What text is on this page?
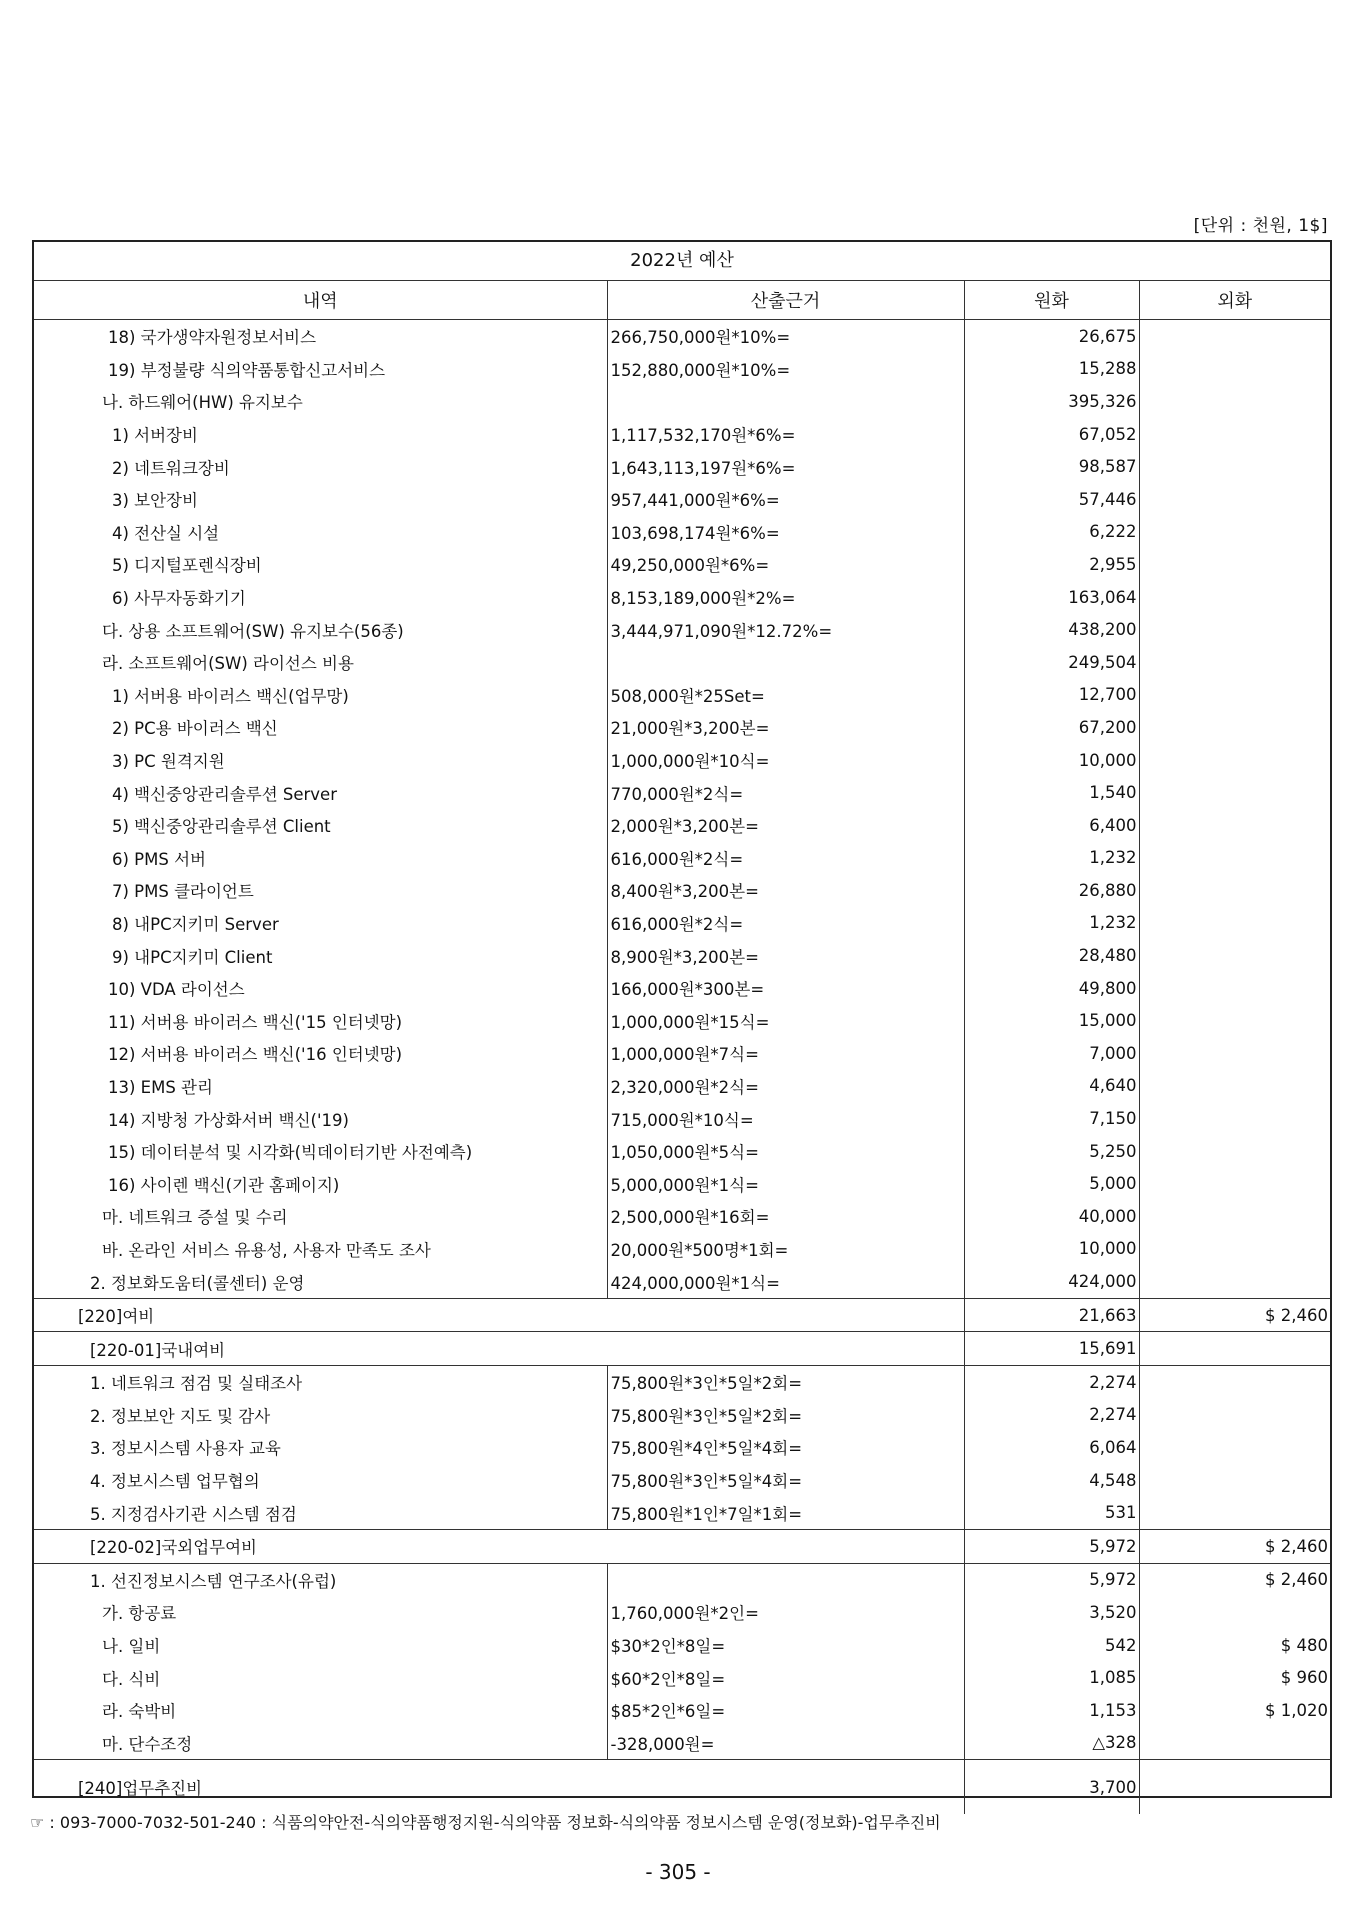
[단위 : 천원, 1$]
2022년 예산
내역	산출근거	원화	외화
18) 국가생약자원정보서비스	266,750,000원*10%=	26,675	
19) 부정불량 식의약품통합신고서비스	152,880,000원*10%=	15,288	
나. 하드웨어(HW) 유지보수		395,326	
1) 서버장비	1,117,532,170원*6%=	67,052	
2) 네트워크장비	1,643,113,197원*6%=	98,587	
3) 보안장비	957,441,000원*6%=	57,446	
4) 전산실 시설	103,698,174원*6%=	6,222	
5) 디지털포렌식장비	49,250,000원*6%=	2,955	
6) 사무자동화기기	8,153,189,000원*2%=	163,064	
다. 상용 소프트웨어(SW) 유지보수(56종)	3,444,971,090원*12.72%=	438,200	
라. 소프트웨어(SW) 라이선스 비용		249,504	
1) 서버용 바이러스 백신(업무망)	508,000원*25Set=	12,700	
2) PC용 바이러스 백신	21,000원*3,200본=	67,200	
3) PC 원격지원	1,000,000원*10식=	10,000	
4) 백신중앙관리솔루션 Server	770,000원*2식=	1,540	
5) 백신중앙관리솔루션 Client	2,000원*3,200본=	6,400	
6) PMS 서버	616,000원*2식=	1,232	
7) PMS 클라이언트	8,400원*3,200본=	26,880	
8) 내PC지키미 Server	616,000원*2식=	1,232	
9) 내PC지키미 Client	8,900원*3,200본=	28,480	
10) VDA 라이선스	166,000원*300본=	49,800	
11) 서버용 바이러스 백신('15 인터넷망)	1,000,000원*15식=	15,000	
12) 서버용 바이러스 백신('16 인터넷망)	1,000,000원*7식=	7,000	
13) EMS 관리	2,320,000원*2식=	4,640	
14) 지방청 가상화서버 백신('19)	715,000원*10식=	7,150	
15) 데이터분석 및 시각화(빅데이터기반 사전예측)	1,050,000원*5식=	5,250	
16) 사이렌 백신(기관 홈페이지)	5,000,000원*1식=	5,000	
마. 네트워크 증설 및 수리	2,500,000원*16회=	40,000	
바. 온라인 서비스 유용성, 사용자 만족도 조사	20,000원*500명*1회=	10,000	
2. 정보화도움터(콜센터) 운영	424,000,000원*1식=	424,000	
[220]여비		21,663	$ 2,460
[220-01]국내여비		15,691	
1. 네트워크 점검 및 실태조사	75,800원*3인*5일*2회=	2,274	
2. 정보보안 지도 및 감사	75,800원*3인*5일*2회=	2,274	
3. 정보시스템 사용자 교육	75,800원*4인*5일*4회=	6,064	
4. 정보시스템 업무협의	75,800원*3인*5일*4회=	4,548	
5. 지정검사기관 시스템 점검	75,800원*1인*7일*1회=	531	
[220-02]국외업무여비		5,972	$ 2,460
1. 선진정보시스템 연구조사(유럽)		5,972	$ 2,460
가. 항공료	1,760,000원*2인=	3,520	
나. 일비	$30*2인*8일=	542	$ 480
다. 식비	$60*2인*8일=	1,085	$ 960
라. 숙박비	$85*2인*6일=	1,153	$ 1,020
마. 단수조정	-328,000원=	△328	
[240]업무추진비		3,700	
☞ : 093-7000-7032-501-240 : 식품의약안전-식의약품행정지원-식의약품 정보화-식의약품 정보시스템 운영(정보화)-업무추진비
- 305 -
